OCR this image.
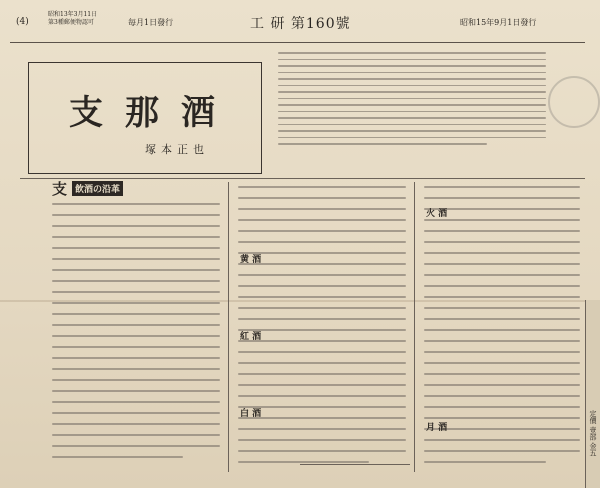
(4)
昭和13年3月11日
第3種郵便物認可	毎月1日發行	工 研 第160號	昭和15年9月1日發行
支那酒
塚本正也
支 飲酒の沿革
黄 酒
紅 酒
白 酒
火 酒
月 酒	定價 壹部 金五
